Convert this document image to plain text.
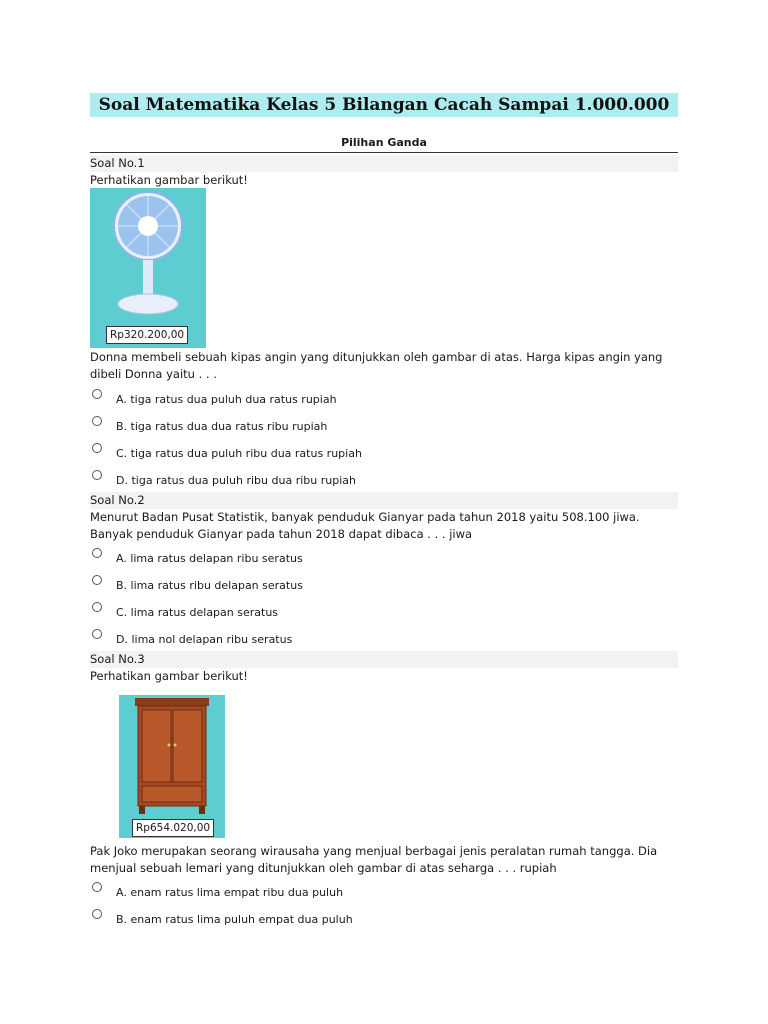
Soal Matematika Kelas 5 Bilangan Cacah Sampai 1.000.000
Pilihan Ganda
Soal No.1
Perhatikan gambar berikut!
Rp320.200,00
Donna membeli sebuah kipas angin yang ditunjukkan oleh gambar di atas. Harga kipas angin yang dibeli Donna yaitu . . .
A. tiga ratus dua puluh dua ratus rupiah
B. tiga ratus dua dua ratus ribu rupiah
C. tiga ratus dua puluh ribu dua ratus rupiah
D. tiga ratus dua puluh ribu dua ribu rupiah
Soal No.2
Menurut Badan Pusat Statistik, banyak penduduk Gianyar pada tahun 2018 yaitu 508.100 jiwa. Banyak penduduk Gianyar pada tahun 2018 dapat dibaca . . . jiwa
A. lima ratus delapan ribu seratus
B. lima ratus ribu delapan seratus
C. lima ratus delapan seratus
D. lima nol delapan ribu seratus
Soal No.3
Perhatikan gambar berikut!
Rp654.020,00
Pak Joko merupakan seorang wirausaha yang menjual berbagai jenis peralatan rumah tangga. Dia menjual sebuah lemari yang ditunjukkan oleh gambar di atas seharga . . . rupiah
A. enam ratus lima empat ribu dua puluh
B. enam ratus lima puluh empat dua puluh
